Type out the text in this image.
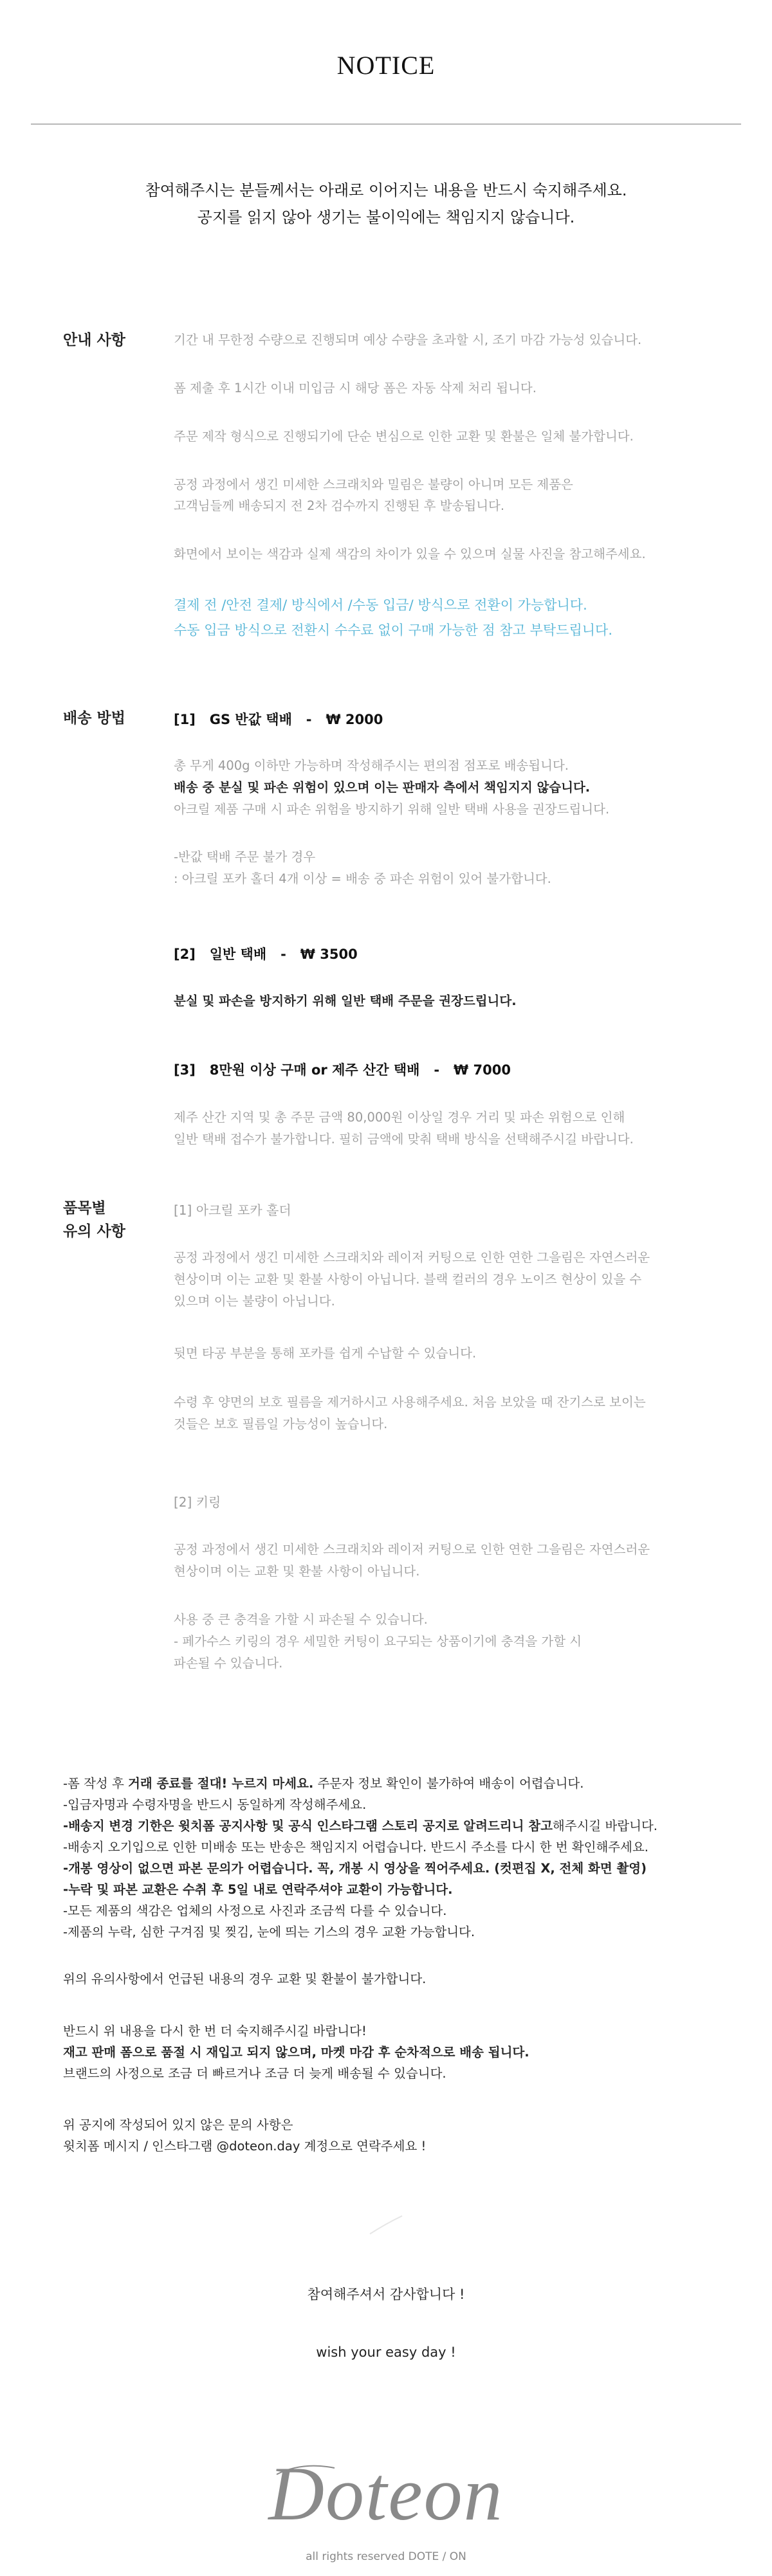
NOTICE
참여해주시는 분들께서는 아래로 이어지는 내용을 반드시 숙지해주세요.
공지를 읽지 않아 생기는 불이익에는 책임지지 않습니다.
안내 사항	기간 내 무한정 수량으로 진행되며 예상 수량을 초과할 시, 조기 마감 가능성 있습니다.
폼 제출 후 1시간 이내 미입금 시 해당 폼은 자동 삭제 처리 됩니다.
주문 제작 형식으로 진행되기에 단순 변심으로 인한 교환 및 환불은 일체 불가합니다.
공정 과정에서 생긴 미세한 스크래치와 밀림은 불량이 아니며 모든 제품은
고객님들께 배송되지 전 2차 검수까지 진행된 후 발송됩니다.
화면에서 보이는 색감과 실제 색감의 차이가 있을 수 있으며 실물 사진을 참고해주세요.
결제 전 /안전 결제/ 방식에서 /수동 입금/ 방식으로 전환이 가능합니다.
수동 입금 방식으로 전환시 수수료 없이 구매 가능한 점 참고 부탁드립니다.
배송 방법	[1]   GS 반값 택배   -   ₩ 2000
총 무게 400g 이하만 가능하며 작성해주시는 편의점 점포로 배송됩니다.
배송 중 분실 및 파손 위험이 있으며 이는 판매자 측에서 책임지지 않습니다.
아크릴 제품 구매 시 파손 위험을 방지하기 위해 일반 택배 사용을 권장드립니다.
-반값 택배 주문 불가 경우
: 아크릴 포카 홀더 4개 이상 = 배송 중 파손 위험이 있어 불가합니다.
[2]   일반 택배   -   ₩ 3500
분실 및 파손을 방지하기 위해 일반 택배 주문을 권장드립니다.
[3]   8만원 이상 구매 or 제주 산간 택배   -   ₩ 7000
제주 산간 지역 및 총 주문 금액 80,000원 이상일 경우 거리 및 파손 위험으로 인해
일반 택배 접수가 불가합니다. 필히 금액에 맞춰 택배 방식을 선택해주시길 바랍니다.
품목별
유의 사항
[1] 아크릴 포카 홀더
공정 과정에서 생긴 미세한 스크래치와 레이저 커팅으로 인한 연한 그을림은 자연스러운
현상이며 이는 교환 및 환불 사항이 아닙니다. 블랙 컬러의 경우 노이즈 현상이 있을 수
있으며 이는 불량이 아닙니다.
뒷면 타공 부분을 통해 포카를 쉽게 수납할 수 있습니다.
수령 후 양면의 보호 필름을 제거하시고 사용해주세요. 처음 보았을 때 잔기스로 보이는
것들은 보호 필름일 가능성이 높습니다.
[2] 키링
공정 과정에서 생긴 미세한 스크래치와 레이저 커팅으로 인한 연한 그을림은 자연스러운
현상이며 이는 교환 및 환불 사항이 아닙니다.
사용 중 큰 충격을 가할 시 파손될 수 있습니다.
- 페가수스 키링의 경우 세밀한 커팅이 요구되는 상품이기에 충격을 가할 시
파손될 수 있습니다.
-폼 작성 후 거래 종료를 절대! 누르지 마세요. 주문자 정보 확인이 불가하여 배송이 어렵습니다.
-입금자명과 수령자명을 반드시 동일하게 작성해주세요.
-배송지 변경 기한은 윗치폼 공지사항 및 공식 인스타그램 스토리 공지로 알려드리니 참고해주시길 바랍니다.
-배송지 오기입으로 인한 미배송 또는 반송은 책임지지 어렵습니다. 반드시 주소를 다시 한 번 확인해주세요.
-개봉 영상이 없으면 파본 문의가 어렵습니다. 꼭, 개봉 시 영상을 찍어주세요. (컷편집 X, 전체 화면 촬영)
-누락 및 파본 교환은 수취 후 5일 내로 연락주셔야 교환이 가능합니다.
-모든 제품의 색감은 업체의 사정으로 사진과 조금씩 다를 수 있습니다.
-제품의 누락, 심한 구겨짐 및 찢김, 눈에 띄는 기스의 경우 교환 가능합니다.
위의 유의사항에서 언급된 내용의 경우 교환 및 환불이 불가합니다.
반드시 위 내용을 다시 한 번 더 숙지해주시길 바랍니다!
재고 판매 폼으로 품절 시 재입고 되지 않으며, 마켓 마감 후 순차적으로 배송 됩니다.
브랜드의 사정으로 조금 더 빠르거나 조금 더 늦게 배송될 수 있습니다.
위 공지에 작성되어 있지 않은 문의 사항은
윗치폼 메시지 / 인스타그램 @doteon.day 계정으로 연락주세요 !
참여해주셔서 감사합니다 !
wish your easy day !
Doteon
all rights reserved DOTE / ON
